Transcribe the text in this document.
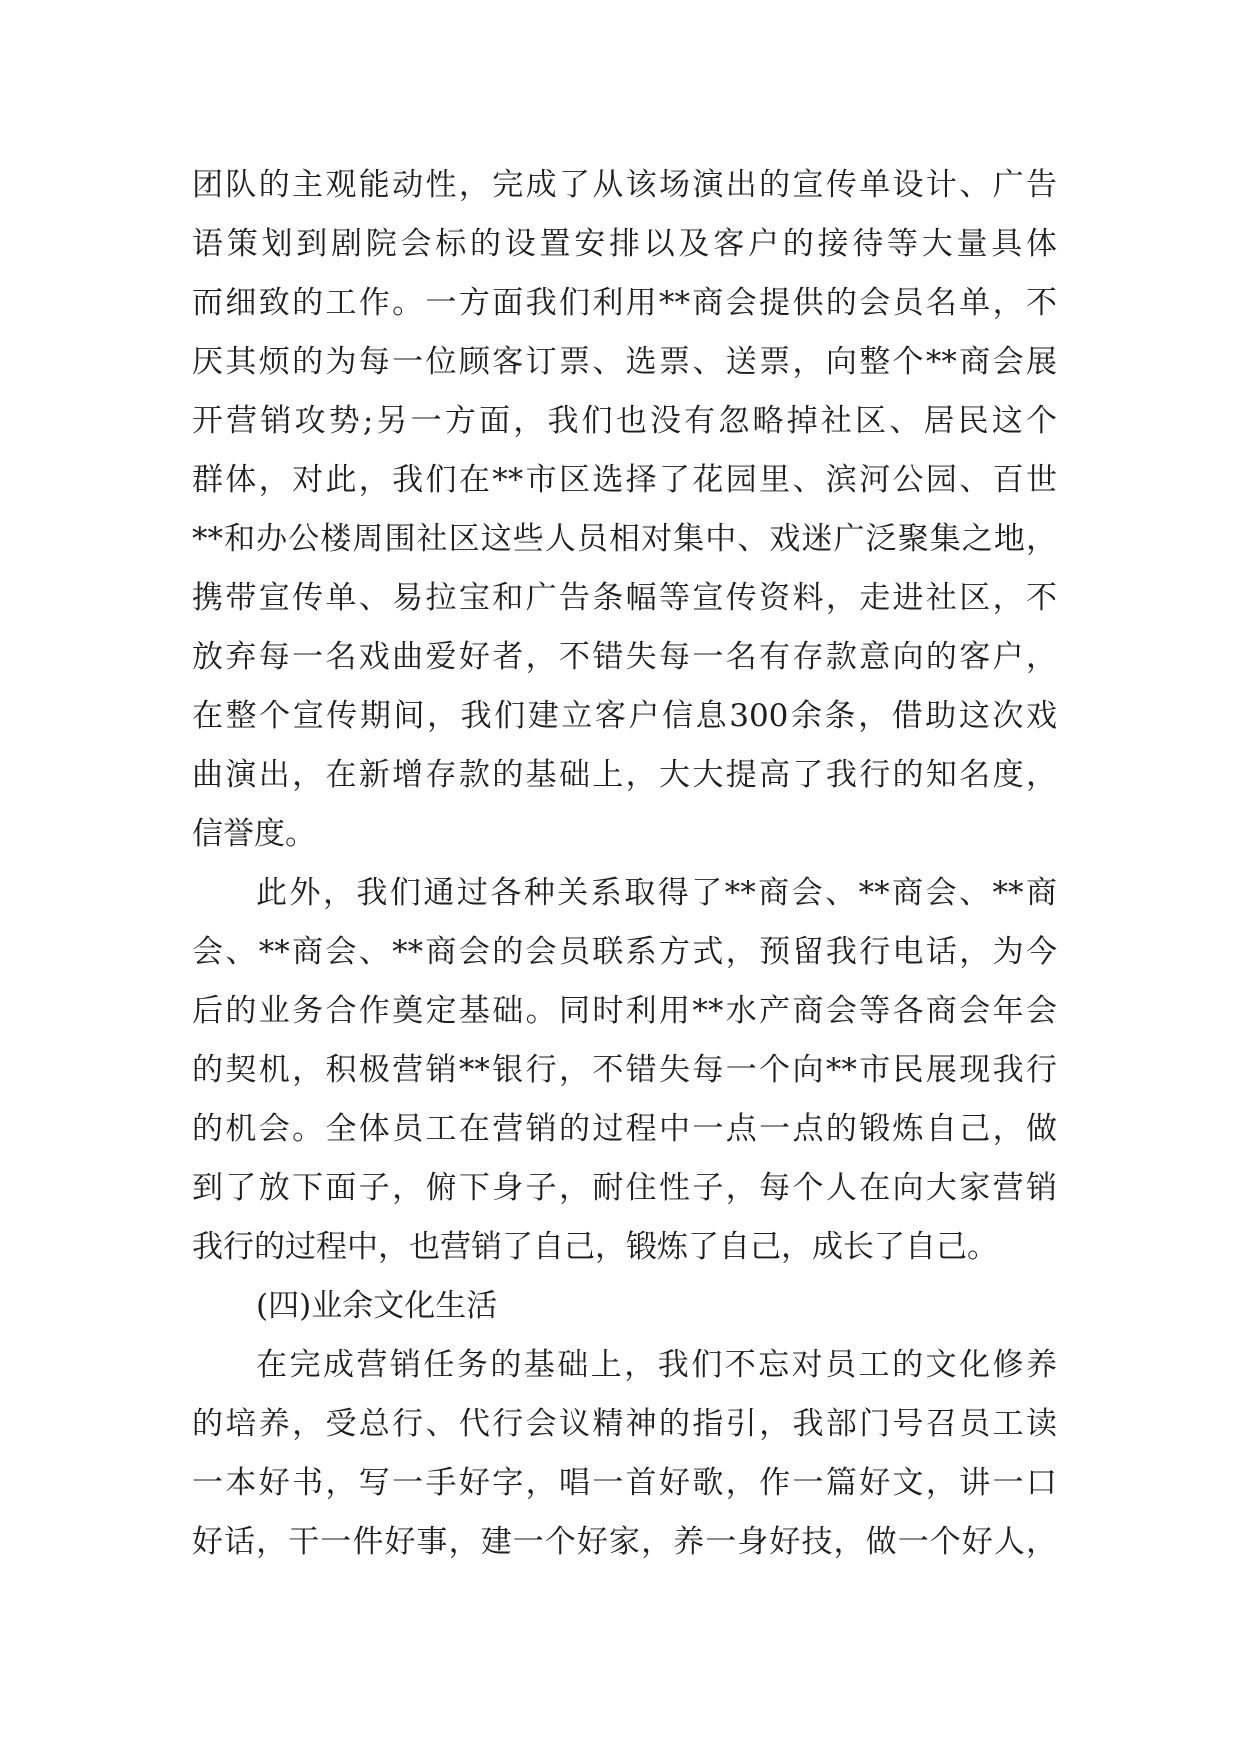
团队的主观能动性，完成了从该场演出的宣传单设计、广告
语策划到剧院会标的设置安排以及客户的接待等大量具体
而细致的工作。一方面我们利用**商会提供的会员名单，不
厌其烦的为每一位顾客订票、选票、送票，向整个**商会展
开营销攻势;另一方面，我们也没有忽略掉社区、居民这个
群体，对此，我们在**市区选择了花园里、滨河公园、百世
**和办公楼周围社区这些人员相对集中、戏迷广泛聚集之地，
携带宣传单、易拉宝和广告条幅等宣传资料，走进社区，不
放弃每一名戏曲爱好者，不错失每一名有存款意向的客户，
在整个宣传期间，我们建立客户信息300余条，借助这次戏
曲演出，在新增存款的基础上，大大提高了我行的知名度，
信誉度。
此外，我们通过各种关系取得了**商会、**商会、**商
会、**商会、**商会的会员联系方式，预留我行电话，为今
后的业务合作奠定基础。同时利用**水产商会等各商会年会
的契机，积极营销**银行，不错失每一个向**市民展现我行
的机会。全体员工在营销的过程中一点一点的锻炼自己，做
到了放下面子，俯下身子，耐住性子，每个人在向大家营销
我行的过程中，也营销了自己，锻炼了自己，成长了自己。
(四)业余文化生活
在完成营销任务的基础上，我们不忘对员工的文化修养
的培养，受总行、代行会议精神的指引，我部门号召员工读
一本好书，写一手好字，唱一首好歌，作一篇好文，讲一口
好话，干一件好事，建一个好家，养一身好技，做一个好人，
